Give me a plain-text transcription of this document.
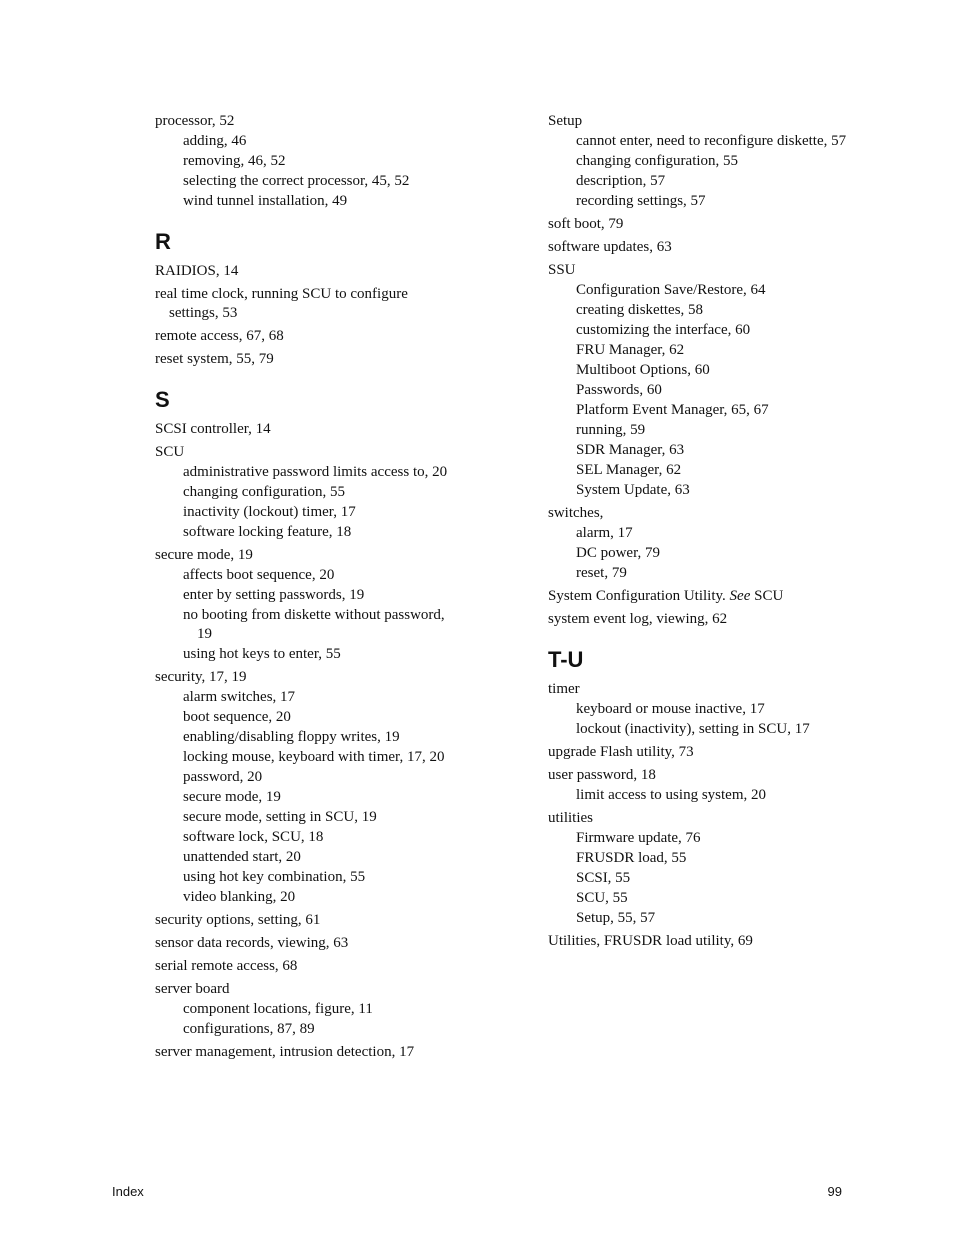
processor, 52
adding, 46
removing, 46, 52
selecting the correct processor, 45, 52
wind tunnel installation, 49
R
RAIDIOS, 14
real time clock, running SCU to configure settings, 53
remote access, 67, 68
reset system, 55, 79
S
SCSI controller, 14
SCU
administrative password limits access to, 20
changing configuration, 55
inactivity (lockout) timer, 17
software locking feature, 18
secure mode, 19
affects boot sequence, 20
enter by setting passwords, 19
no booting from diskette without password, 19
using hot keys to enter, 55
security, 17, 19
alarm switches, 17
boot sequence, 20
enabling/disabling floppy writes, 19
locking mouse, keyboard with timer, 17, 20
password, 20
secure mode, 19
secure mode, setting in SCU, 19
software lock, SCU, 18
unattended start, 20
using hot key combination, 55
video blanking, 20
security options, setting, 61
sensor data records, viewing, 63
serial remote access, 68
server board
component locations, figure, 11
configurations, 87, 89
server management, intrusion detection, 17
Setup
cannot enter, need to reconfigure diskette, 57
changing configuration, 55
description, 57
recording settings, 57
soft boot, 79
software updates, 63
SSU
Configuration Save/Restore, 64
creating diskettes, 58
customizing the interface, 60
FRU Manager, 62
Multiboot Options, 60
Passwords, 60
Platform Event Manager, 65, 67
running, 59
SDR Manager, 63
SEL Manager, 62
System Update, 63
switches,
alarm, 17
DC power, 79
reset, 79
System Configuration Utility. See SCU
system event log, viewing, 62
T-U
timer
keyboard or mouse inactive, 17
lockout (inactivity), setting in SCU, 17
upgrade Flash utility, 73
user password, 18
limit access to using system, 20
utilities
Firmware update, 76
FRUSDR load, 55
SCSI, 55
SCU, 55
Setup, 55, 57
Utilities, FRUSDR load utility, 69
Index	99
